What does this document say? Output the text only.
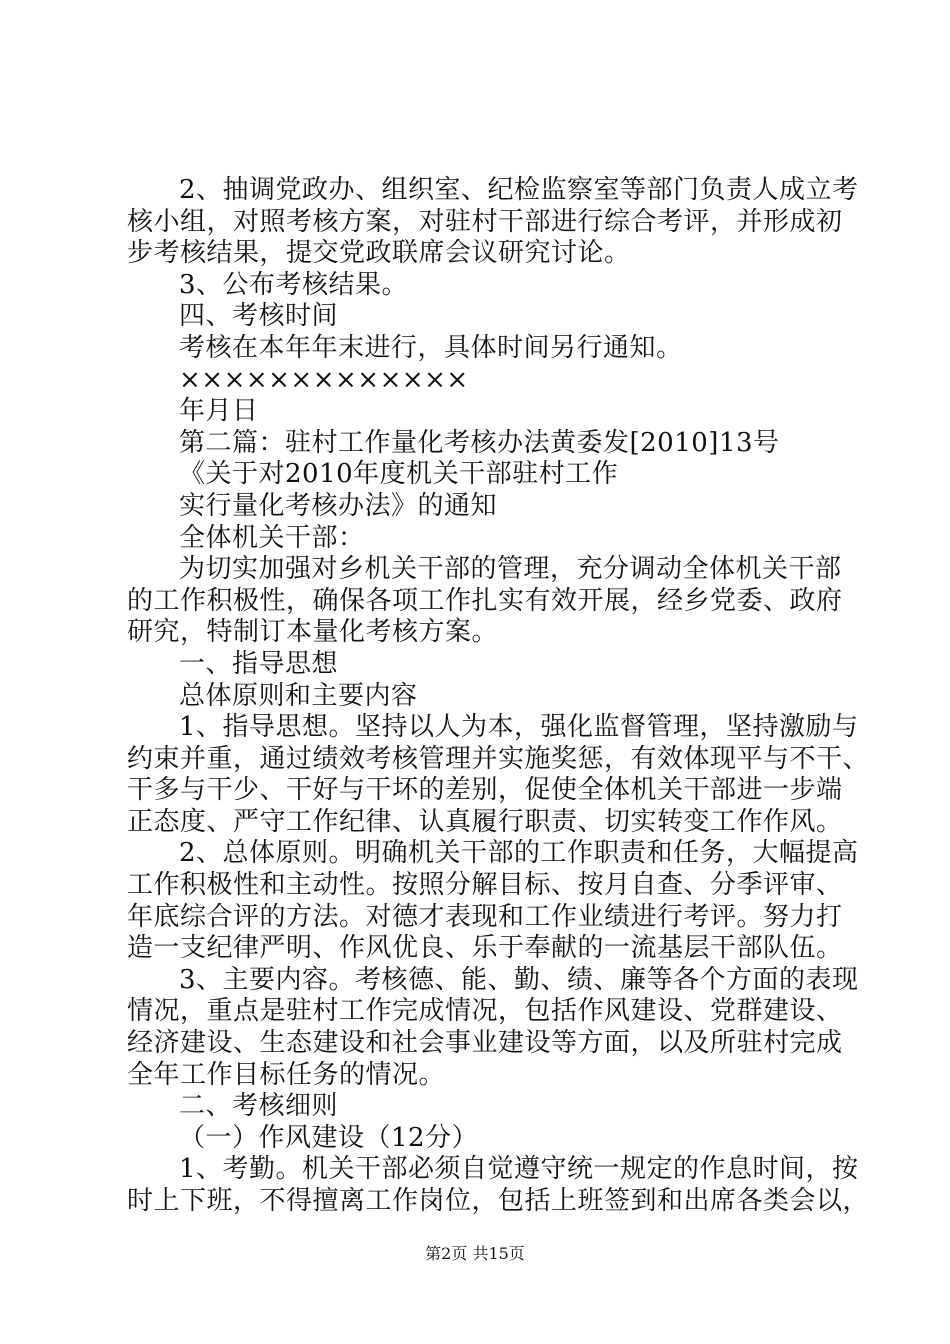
2、抽调党政办、组织室、纪检监察室等部门负责人成立考
核小组，对照考核方案，对驻村干部进行综合考评，并形成初
步考核结果，提交党政联席会议研究讨论。
3、公布考核结果。
四、考核时间
考核在本年年末进行，具体时间另行通知。
×××××××××××××
年月日
第二篇：驻村工作量化考核办法黄委发[2010]13号
《关于对2010年度机关干部驻村工作
实行量化考核办法》的通知
全体机关干部：
为切实加强对乡机关干部的管理，充分调动全体机关干部
的工作积极性，确保各项工作扎实有效开展，经乡党委、政府
研究，特制订本量化考核方案。
一、指导思想
总体原则和主要内容
1、指导思想。坚持以人为本，强化监督管理，坚持激励与
约束并重，通过绩效考核管理并实施奖惩，有效体现平与不干、
干多与干少、干好与干坏的差别，促使全体机关干部进一步端
正态度、严守工作纪律、认真履行职责、切实转变工作作风。
2、总体原则。明确机关干部的工作职责和任务，大幅提高
工作积极性和主动性。按照分解目标、按月自查、分季评审、
年底综合评的方法。对德才表现和工作业绩进行考评。努力打
造一支纪律严明、作风优良、乐于奉献的一流基层干部队伍。
3、主要内容。考核德、能、勤、绩、廉等各个方面的表现
情况，重点是驻村工作完成情况，包括作风建设、党群建设、
经济建设、生态建设和社会事业建设等方面，以及所驻村完成
全年工作目标任务的情况。
二、考核细则
（一）作风建设（12分）
1、考勤。机关干部必须自觉遵守统一规定的作息时间，按
时上下班，不得擅离工作岗位，包括上班签到和出席各类会以，
第2页 共15页
